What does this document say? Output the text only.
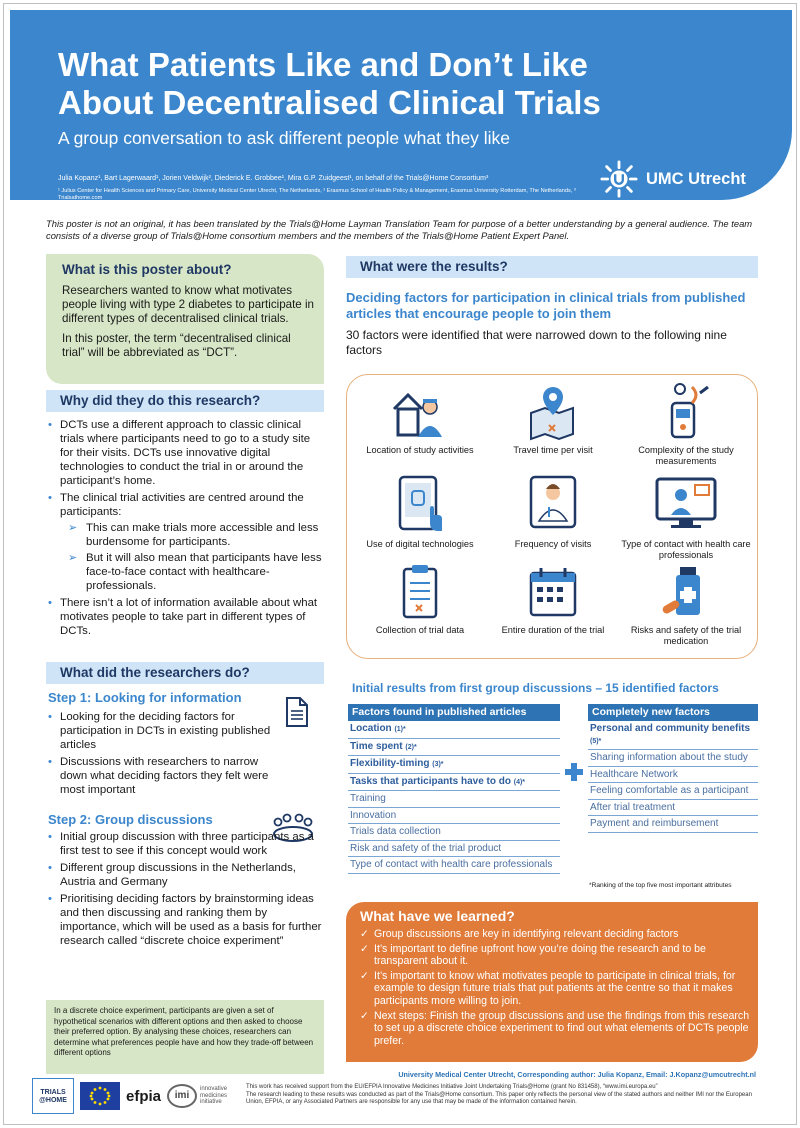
What Patients Like and Don’t Like
About Decentralised Clinical Trials
A group conversation to ask different people what they like
Julia Kopanz¹, Bart Lagerwaard¹, Jorien Veldwijk², Diederick E. Grobbee¹, Mira G.P. Zuidgeest¹, on behalf of the Trials@Home Consortium³
¹ Julius Center for Health Sciences and Primary Care, University Medical Center Utrecht, The Netherlands, ² Erasmus School of Health Policy & Management, Erasmus University Rotterdam, The Netherlands, ³ Trialsathome.com
UMC Utrecht
This poster is not an original, it has been translated by the Trials@Home Layman Translation Team for purpose of a better understanding by a general audience. The team consists of a diverse group of Trials@Home consortium members and the members of the Trials@Home Patient Expert Panel.
What is this poster about?

Researchers wanted to know what motivates people living with type 2 diabetes to participate in different types of decentralised clinical trials.

In this poster, the term “decentralised clinical trial” will be abbreviated as “DCT”.

Why did they do this research?
• DCTs use a different approach to classic clinical trials where participants need to go to a study site for their visits. DCTs use innovative digital technologies to conduct the trial in or around the participant’s home.
• The clinical trial activities are centred around the participants:
➢ This can make trials more accessible and less burdensome for participants.
➢ But it will also mean that participants have less face-to-face contact with healthcare-professionals.
• There isn’t a lot of information available about what motivates people to take part in different types of DCTs.
What did the researchers do?
Step 1: Looking for information
• Looking for the deciding factors for participation in DCTs in existing published articles
• Discussions with researchers to narrow down what deciding factors they felt were most important
Step 2: Group discussions
• Initial group discussion with three participants as a first test to see if this concept would work
• Different group discussions in the Netherlands, Austria and Germany
• Prioritising deciding factors by brainstorming ideas and then discussing and ranking them by importance, which will be used as a basis for further research called “discrete choice experiment”
In a discrete choice experiment, participants are given a set of hypothetical scenarios with different options and then asked to choose their preferred option. By analysing these choices, researchers can determine what preferences people have and how they trade-off between different options
What were the results?
Deciding factors for participation in clinical trials from published articles that encourage people to join them
30 factors were identified that were narrowed down to the following nine factors
Location of study activities	Travel time per visit	Complexity of the study measurements
Use of digital technologies	Frequency of visits	Type of contact with health care professionals
Collection of trial data	Entire duration of the trial	Risks and safety of the trial medication
Initial results from first group discussions – 15 identified factors
Factors found in published articles
Location (1)*
Time spent (2)*
Flexibility-timing (3)*
Tasks that participants have to do (4)*
Training
Innovation
Trials data collection
Risk and safety of the trial product
Type of contact with health care professionals
Completely new factors
Personal and community benefits (5)*
Sharing information about the study
Healthcare Network
Feeling comfortable as a participant
After trial treatment
Payment and reimbursement
*Ranking of the top five most important attributes
What have we learned?
✓ Group discussions are key in identifying relevant deciding factors
✓ It’s important to define upfront how you’re doing the research and to be transparent about it.
✓ It’s important to know what motivates people to participate in clinical trials, for example to design future trials that put patients at the centre so that it makes participants more willing to join.
✓ Next steps: Finish the group discussions and use the findings from this research to set up a discrete choice experiment to find out what elements of DCTs people prefer.
University Medical Center Utrecht, Corresponding author: Julia Kopanz, Email: J.Kopanz@umcutrecht.nl
This work has received support from the EU/EFPIA Innovative Medicines Initiative Joint Undertaking Trials@Home (grant No 831458), “www.imi.europa.eu”
The research leading to these results was conducted as part of the Trials@Home consortium. This paper only reflects the personal view of the stated authors and neither IMI nor the European Union, EFPIA, or any Associated Partners are responsible for any use that may be made of the information contained herein.
TRIALS @HOME	efpia	imi
innovative medicines initiative
